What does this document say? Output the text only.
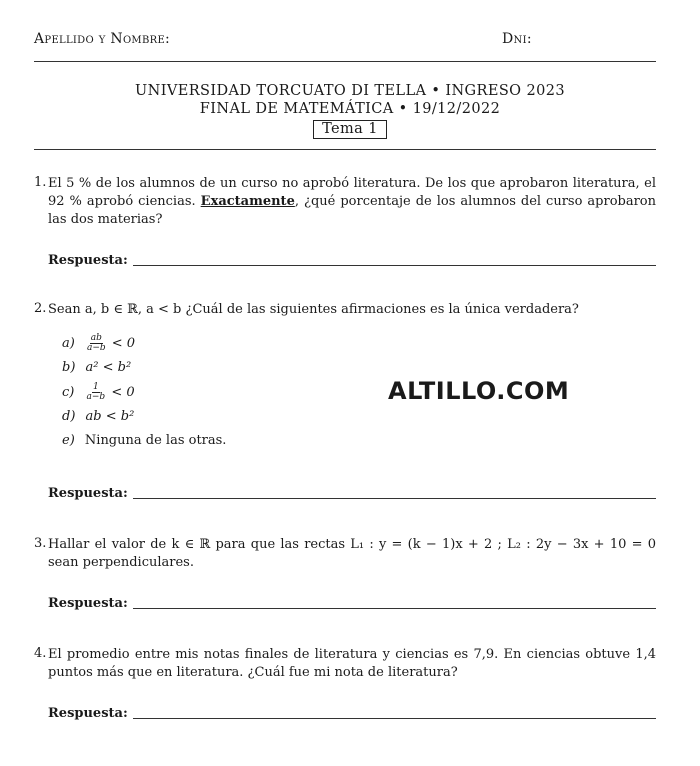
Apellido y Nombre:	Dni:
UNIVERSIDAD TORCUATO DI TELLA • INGRESO 2023
FINAL DE MATEMÁTICA • 19/12/2022
Tema 1
1. El 5 % de los alumnos de un curso no aprobó literatura. De los que aprobaron literatura, el 92 % aprobó ciencias. Exactamente, ¿qué porcentaje de los alumnos del curso aprobaron las dos materias?
Respuesta:
2. Sean a, b ∈ ℝ, a < b ¿Cuál de las siguientes afirmaciones es la única verdadera?
$a) \frac{ab}{a-b} < 0$
b) a² < b²
$c) \frac{1}{a-b} < 0$
d) ab < b²
e) Ninguna de las otras.
ALTILLO.COM
Respuesta:
3. Hallar el valor de k ∈ ℝ para que las rectas L₁ : y = (k − 1)x + 2 ; L₂ : 2y − 3x + 10 = 0 sean perpendiculares.
Respuesta:
4. El promedio entre mis notas finales de literatura y ciencias es 7,9. En ciencias obtuve 1,4 puntos más que en literatura. ¿Cuál fue mi nota de literatura?
Respuesta:
